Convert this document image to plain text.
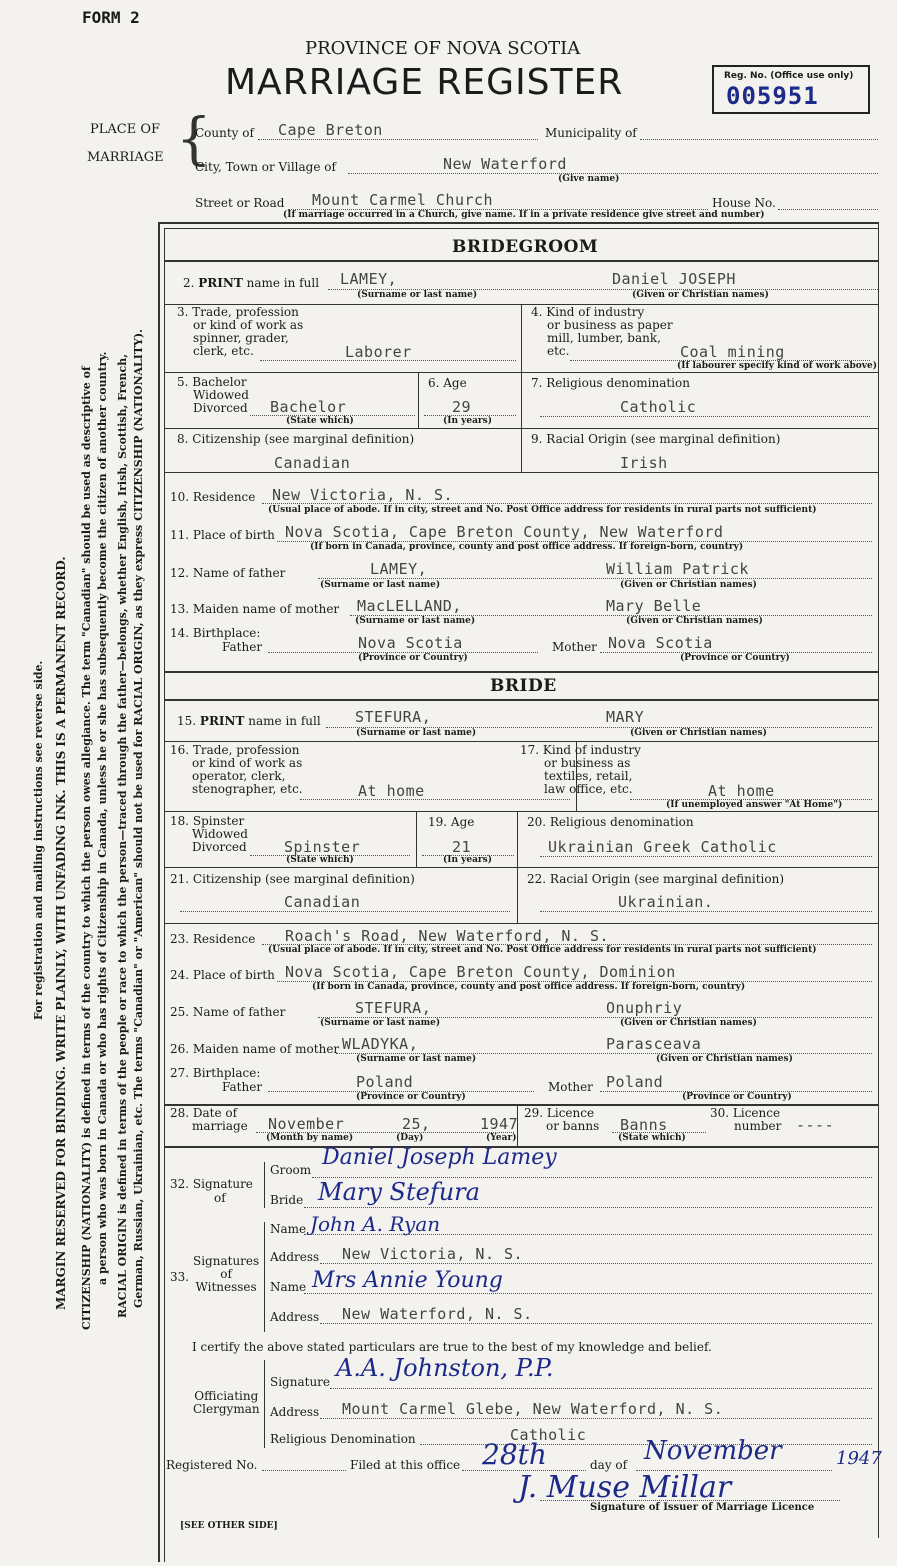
FORM 2
PROVINCE OF NOVA SCOTIA
MARRIAGE REGISTER	Reg. No. (Office use only)
005951
PLACE OF
MARRIAGE {
County of Cape Breton	Municipality of
City, Town or Village of	New Waterford
(Give name)
Street or Road Mount Carmel Church	House No.
(If marriage occurred in a Church, give name. If in a private residence give street and number)
For registration and mailing instructions see reverse side. MARGIN RESERVED FOR BINDING. WRITE PLAINLY, WITH UNFADING INK. THIS IS A PERMANENT RECORD. CITIZENSHIP (NATIONALITY) is defined in terms of the country to which the person owes allegiance. The term "Canadian" should be used as descriptive of a person who was born in Canada or who has rights of Citizenship in Canada, unless he or she has subsequently become the citizen of another country. RACIAL ORIGIN is defined in terms of the people or race to which the person—traced through the father—belongs, whether English, Irish, Scottish, French, German, Russian, Ukrainian, etc. The terms "Canadian" or "American" should not be used for RACIAL ORIGIN, as they express CITIZENSHIP (NATIONALITY).
BRIDEGROOM
2. PRINT name in full LAMEY,	Daniel JOSEPH
(Surname or last name)	(Given or Christian names)
3. Trade, profession
or kind of work as
spinner, grader,
clerk, etc.	Laborer
4. Kind of industry
or business as paper
mill, lumber, bank,
etc.	Coal mining
(If labourer specify kind of work above)
5. Bachelor
Widowed
Divorced Bachelor
(State which)
6. Age
29
(In years)
7. Religious denomination
Catholic
8. Citizenship (see marginal definition)
Canadian
9. Racial Origin (see marginal definition)
Irish
10. Residence New Victoria, N. S.
(Usual place of abode. If in city, street and No. Post Office address for residents in rural parts not sufficient)
11. Place of birth Nova Scotia, Cape Breton County, New Waterford
(If born in Canada, province, county and post office address. If foreign-born, country)
12. Name of father	LAMEY,	William Patrick
(Surname or last name)	(Given or Christian names)
13. Maiden name of mother MacLELLAND,	Mary Belle
(Surname or last name)	(Given or Christian names)
14. Birthplace:
Father	Nova Scotia
(Province or Country)
Mother Nova Scotia
(Province or Country)
BRIDE
15. PRINT name in full STEFURA,	MARY
(Surname or last name)	(Given or Christian names)
16. Trade, profession
or kind of work as
operator, clerk,
stenographer, etc.	At home
17. Kind of industry
or business as
textiles, retail,
law office, etc.	At home
(If unemployed answer "At Home")
18. Spinster
Widowed
Divorced Spinster
(State which)
19. Age
21
(In years)
20. Religious denomination
Ukrainian Greek Catholic
21. Citizenship (see marginal definition)
Canadian
22. Racial Origin (see marginal definition)
Ukrainian.
23. Residence Roach's Road, New Waterford, N. S.
(Usual place of abode. If in city, street and No. Post Office address for residents in rural parts not sufficient)
24. Place of birth Nova Scotia, Cape Breton County, Dominion
(If born in Canada, province, county and post office address. If foreign-born, country)
25. Name of father	STEFURA,	Onuphriy
(Surname or last name)	(Given or Christian names)
26. Maiden name of mother WLADYKA,	Parasceava
(Surname or last name)	(Given or Christian names)
27. Birthplace:
Father	Poland
(Province or Country)
Mother Poland
(Province or Country)
28. Date of
marriage November	25,	1947
(Month by name)	(Day)	(Year)
29. Licence
or banns Banns
(State which)
30. Licence
number ----
32. Signature
of
Groom Daniel Joseph Lamey
Bride Mary Stefura
33.
Signatures
of
Witnesses
Name John A. Ryan
Address New Victoria, N. S.
Name Mrs Annie Young
Address New Waterford, N. S.
I certify the above stated particulars are true to the best of my knowledge and belief.
Officiating
Clergyman
Signature A.A. Johnston, P.P.
Address Mount Carmel Glebe, New Waterford, N. S.
Religious Denomination	Catholic
Registered No.	Filed at this office 28th	day of November	1947
J. Muse Millar
Signature of Issuer of Marriage Licence
[SEE OTHER SIDE]
